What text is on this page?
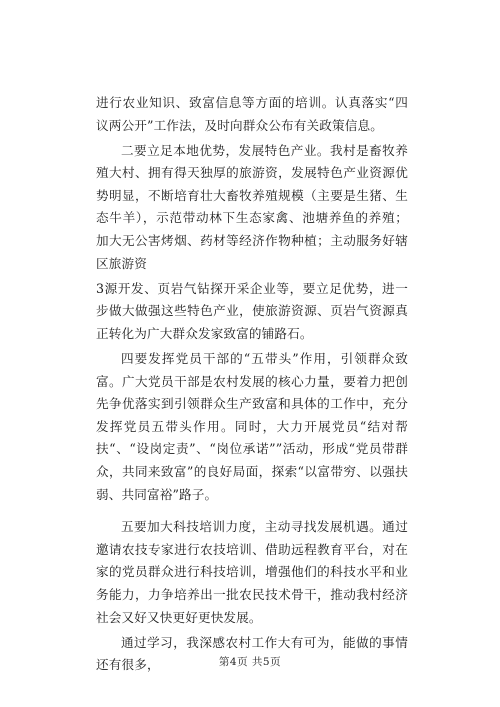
进行农业知识、致富信息等方面的培训。认真落实“四议两公开”工作法，及时向群众公布有关政策信息。

二要立足本地优势，发展特色产业。我村是畜牧养殖大村、拥有得天独厚的旅游资，发展特色产业资源优势明显，不断培育壮大畜牧养殖规模（主要是生猪、生态牛羊），示范带动林下生态家禽、池塘养鱼的养殖；加大无公害烤烟、药材等经济作物种植；主动服务好辖区旅游资

3源开发、页岩气钻探开采企业等，要立足优势，进一步做大做强这些特色产业，使旅游资源、页岩气资源真正转化为广大群众发家致富的铺路石。

四要发挥党员干部的“五带头”作用，引领群众致富。广大党员干部是农村发展的核心力量，要着力把创先争优落实到引领群众生产致富和具体的工作中，充分发挥党员五带头作用。同时，大力开展党员“结对帮扶“、“设岗定责”、“岗位承诺””活动，形成“党员带群众，共同来致富”的良好局面，探索“以富带穷、以强扶弱、共同富裕”路子。

五要加大科技培训力度，主动寻找发展机遇。通过邀请农技专家进行农技培训、借助远程教育平台，对在家的党员群众进行科技培训，增强他们的科技水平和业务能力，力争培养出一批农民技术骨干，推动我村经济社会又好又快更好更快发展。

通过学习，我深感农村工作大有可为，能做的事情还有很多，	第4页 共5页
